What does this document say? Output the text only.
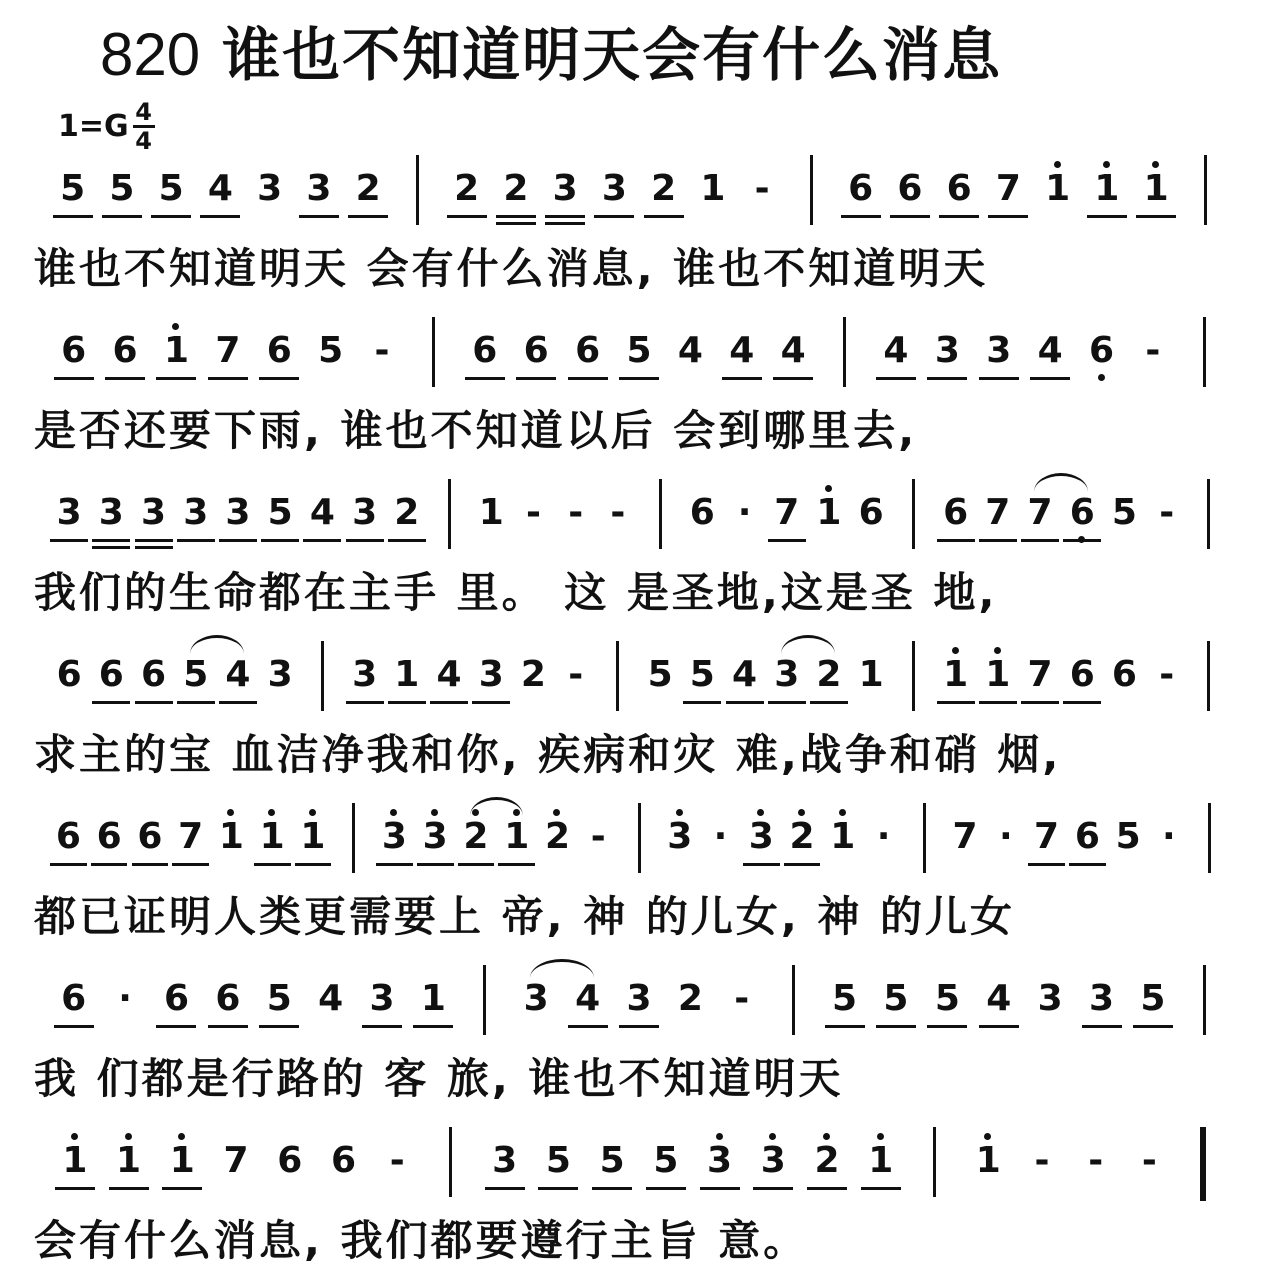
820 谁也不知道明天会有什么消息
1=G 4
4
5 5 5 4 3 3 2 2 2 3 3 2 1 -	6 6 6 7 1 1 1
谁也不知道明天 会有什么消息, 谁也不知道明天
6 6 1 7 6 5 -	6 6 6 5 4 4 4 4 3 3 4 6 -
是否还要下雨, 谁也不知道以后 会到哪里去,
3 3 3 3 3 5 4 3 2 1 - - -	6 · 7 1 6 6 7 7 6 5 -
我们的生命都在主手 里。 这 是圣地,这是圣 地,
6 6 6 5 4 3 3 1 4 3 2 -	5 5 4 3 2 1 1 1 7 6 6 -
求主的宝 血洁净我和你, 疾病和灾 难,战争和硝 烟,
6 6 6 7 1 1 1 3 3 2 1 2 -	3 · 3 2 1 ·	7 · 7 6 5 ·
都已证明人类更需要上 帝, 神 的儿女, 神 的儿女
6 · 6 6 5 4 3 1 3 4 3 2 -	5 5 5 4 3 3 5
我 们都是行路的 客 旅, 谁也不知道明天
1 1 1 7 6 6 -	3 5 5 5 3 3 2 1 1 -	-	-
会有什么消息, 我们都要遵行主旨 意。
